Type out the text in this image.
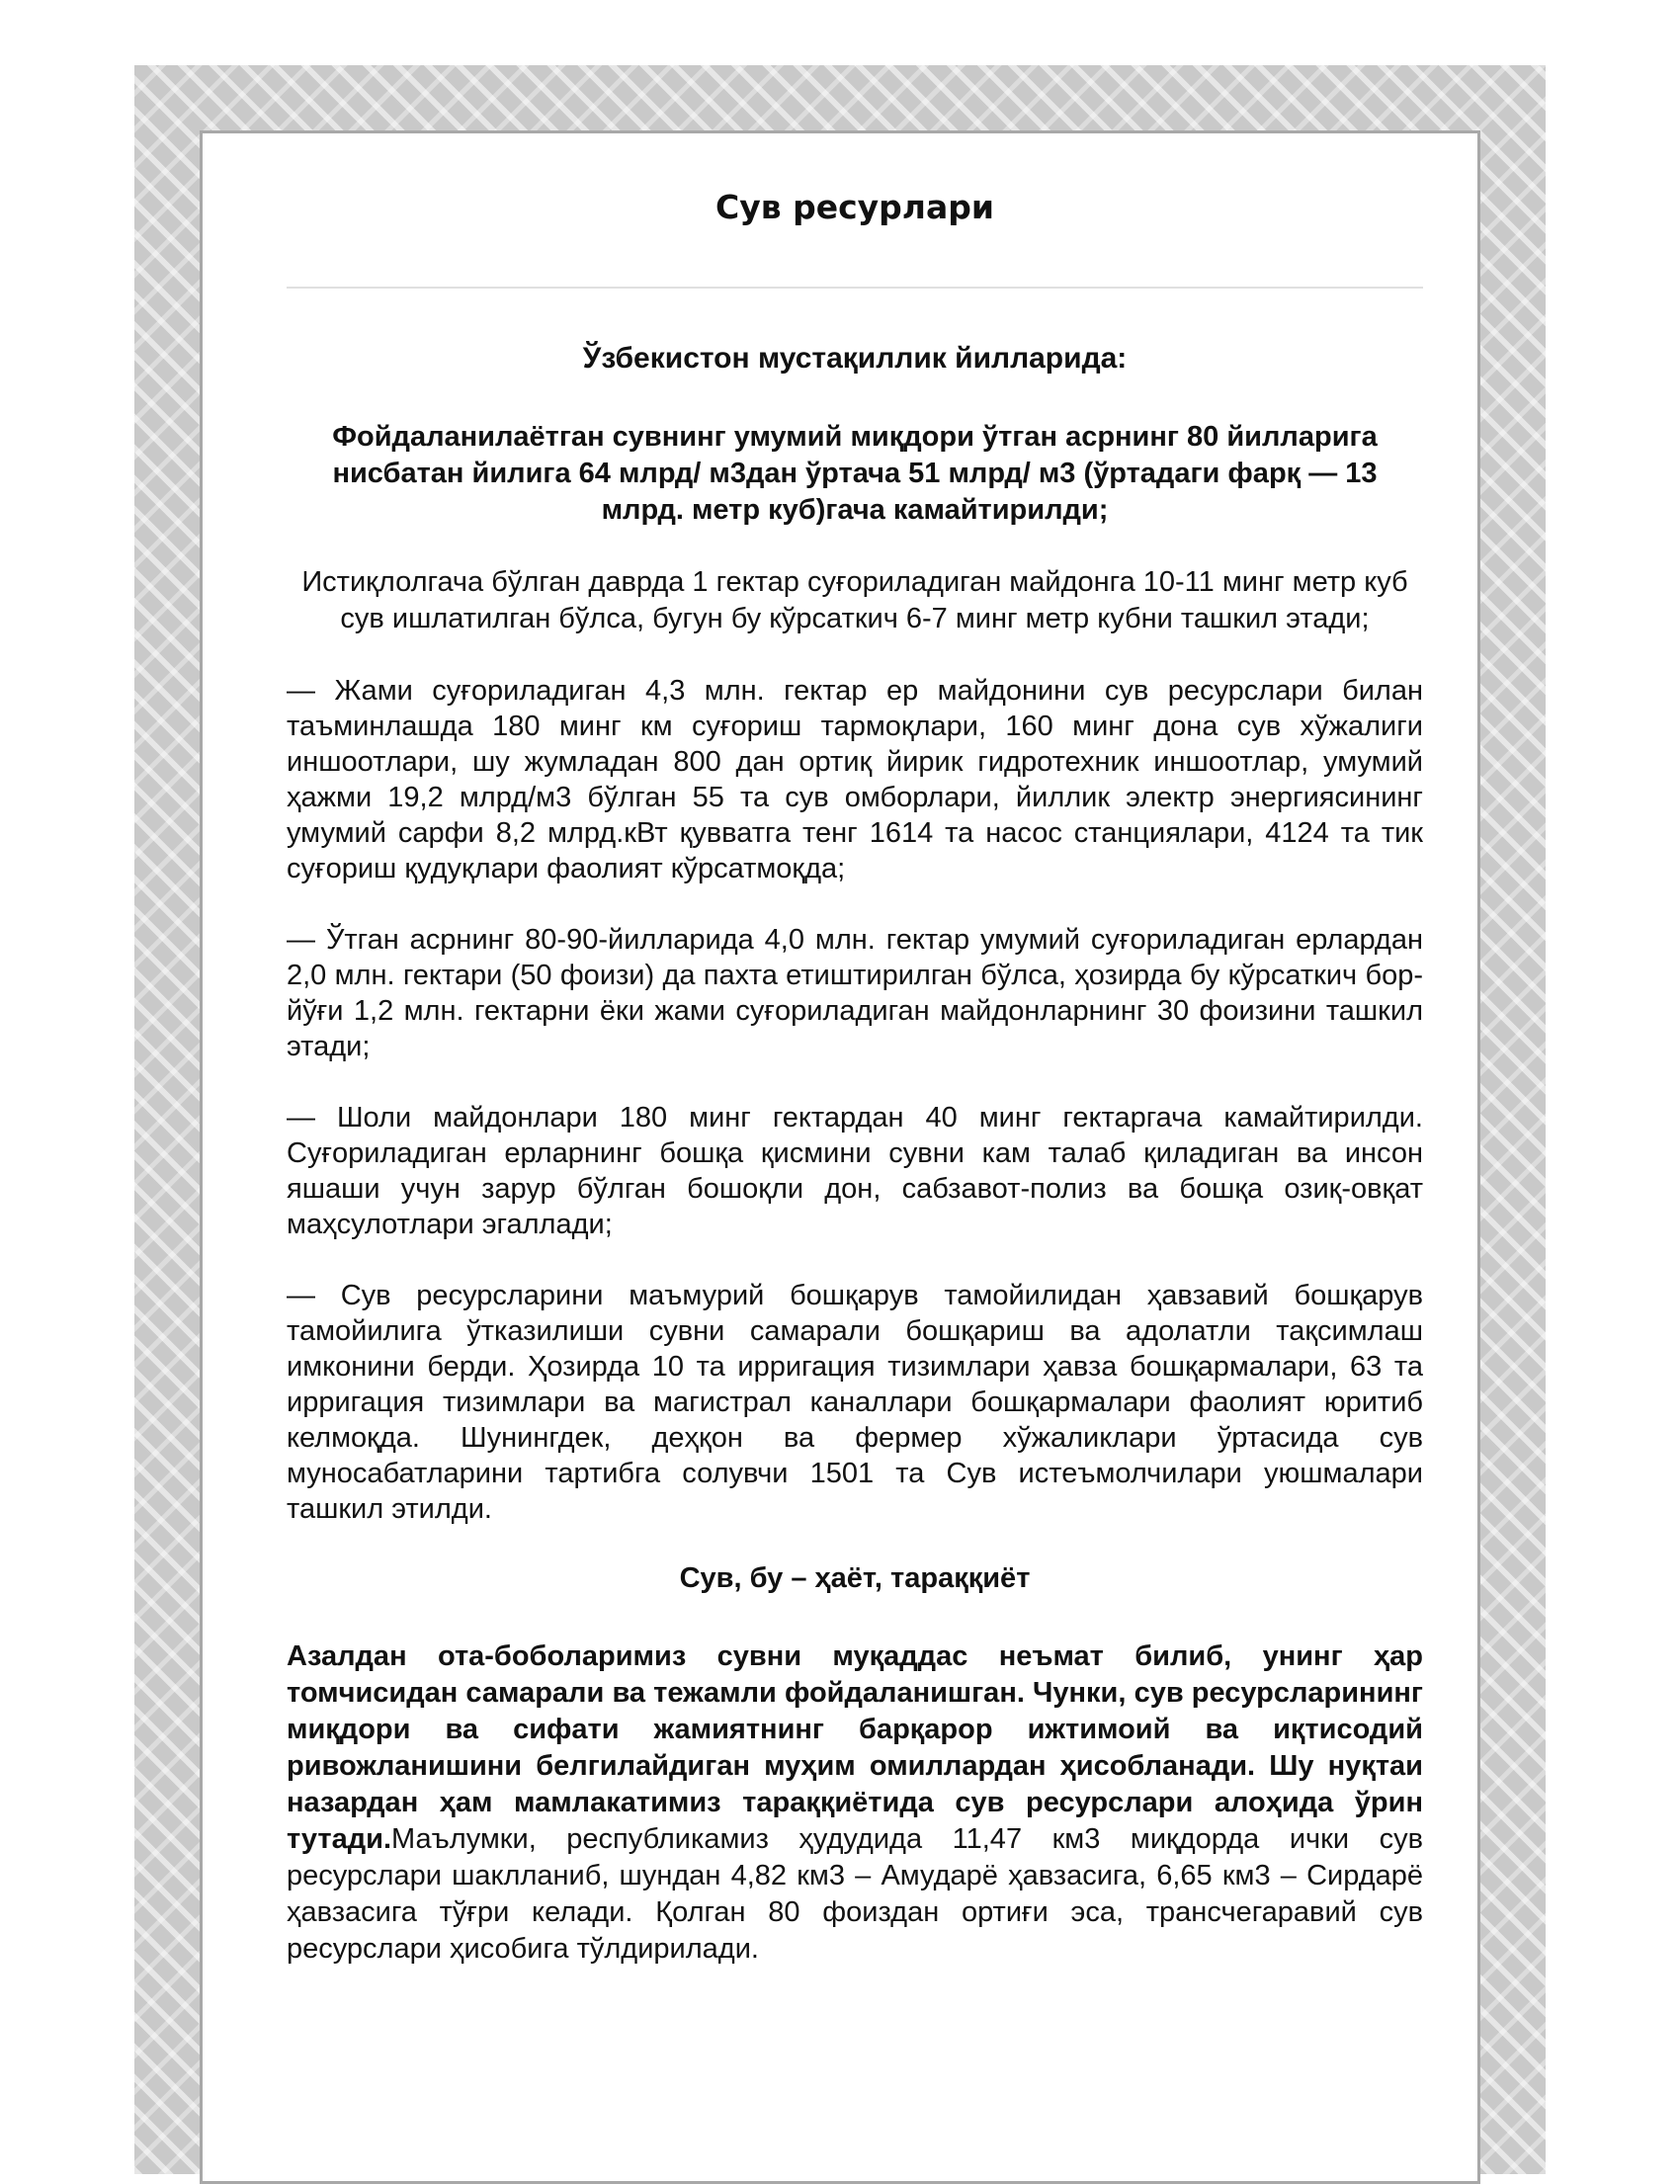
Сув ресурлари
Ўзбекистон мустақиллик йилларида:

Фойдаланилаётган сувнинг умумий миқдори ўтган асрнинг 80 йилларига нисбатан йилига 64 млрд/ м3дан ўртача 51 млрд/ м3 (ўртадаги фарқ — 13 млрд. метр куб)гача камайтирилди;

Истиқлолгача бўлган даврда 1 гектар суғориладиган майдонга 10-11 минг метр куб сув ишлатилган бўлса, бугун бу кўрсаткич 6-7 минг метр кубни ташкил этади;

— Жами суғориладиган 4,3 млн. гектар ер майдонини сув ресурслари билан таъминлашда 180 минг км суғориш тармоқлари, 160 минг дона сув хўжалиги иншоотлари, шу жумладан 800 дан ортиқ йирик гидротехник иншоотлар, умумий ҳажми 19,2 млрд/м3 бўлган 55 та сув омборлари, йиллик электр энергиясининг умумий сарфи 8,2 млрд.кВт қувватга тенг 1614 та насос станциялари, 4124 та тик суғориш қудуқлари фаолият кўрсатмоқда;

— Ўтган асрнинг 80-90-йилларида 4,0 млн. гектар умумий суғориладиган ерлардан 2,0 млн. гектари (50 фоизи) да пахта етиштирилган бўлса, ҳозирда бу кўрсаткич бор-йўғи 1,2 млн. гектарни ёки жами суғориладиган майдонларнинг 30 фоизини ташкил этади;

— Шоли майдонлари 180 минг гектардан 40 минг гектаргача камайтирилди. Суғориладиган ерларнинг бошқа қисмини сувни кам талаб қиладиган ва инсон яшаши учун зарур бўлган бошоқли дон, сабзавот-полиз ва бошқа озиқ-овқат маҳсулотлари эгаллади;

— Сув ресурсларини маъмурий бошқарув тамойилидан ҳавзавий бошқарув тамойилига ўтказилиши сувни самарали бошқариш ва адолатли тақсимлаш имконини берди. Ҳозирда 10 та ирригация тизимлари ҳавза бошқармалари, 63 та ирригация тизимлари ва магистрал каналлари бошқармалари фаолият юритиб келмоқда. Шунингдек, деҳқон ва фермер хўжаликлари ўртасида сув муносабатларини тартибга солувчи 1501 та Сув истеъмолчилари уюшмалари ташкил этилди.

Сув, бу – ҳаёт, тараққиёт

Азалдан ота-боболаримиз сувни муқаддас неъмат билиб, унинг ҳар томчисидан самарали ва тежамли фойдаланишган. Чунки, сув ресурсларининг миқдори ва сифати жамиятнинг барқарор ижтимоий ва иқтисодий ривожланишини белгилайдиган муҳим омиллардан ҳисобланади. Шу нуқтаи назардан ҳам мамлакатимиз тараққиётида сув ресурслари алоҳида ўрин тутади.Маълумки, республикамиз ҳудудида 11,47 км3 миқдорда ички сув ресурслари шаклланиб, шундан 4,82 км3 – Амударё ҳавзасига, 6,65 км3 – Сирдарё ҳавзасига тўғри келади. Қолган 80 фоиздан ортиғи эса, трансчегаравий сув ресурслари ҳисобига тўлдирилади.
